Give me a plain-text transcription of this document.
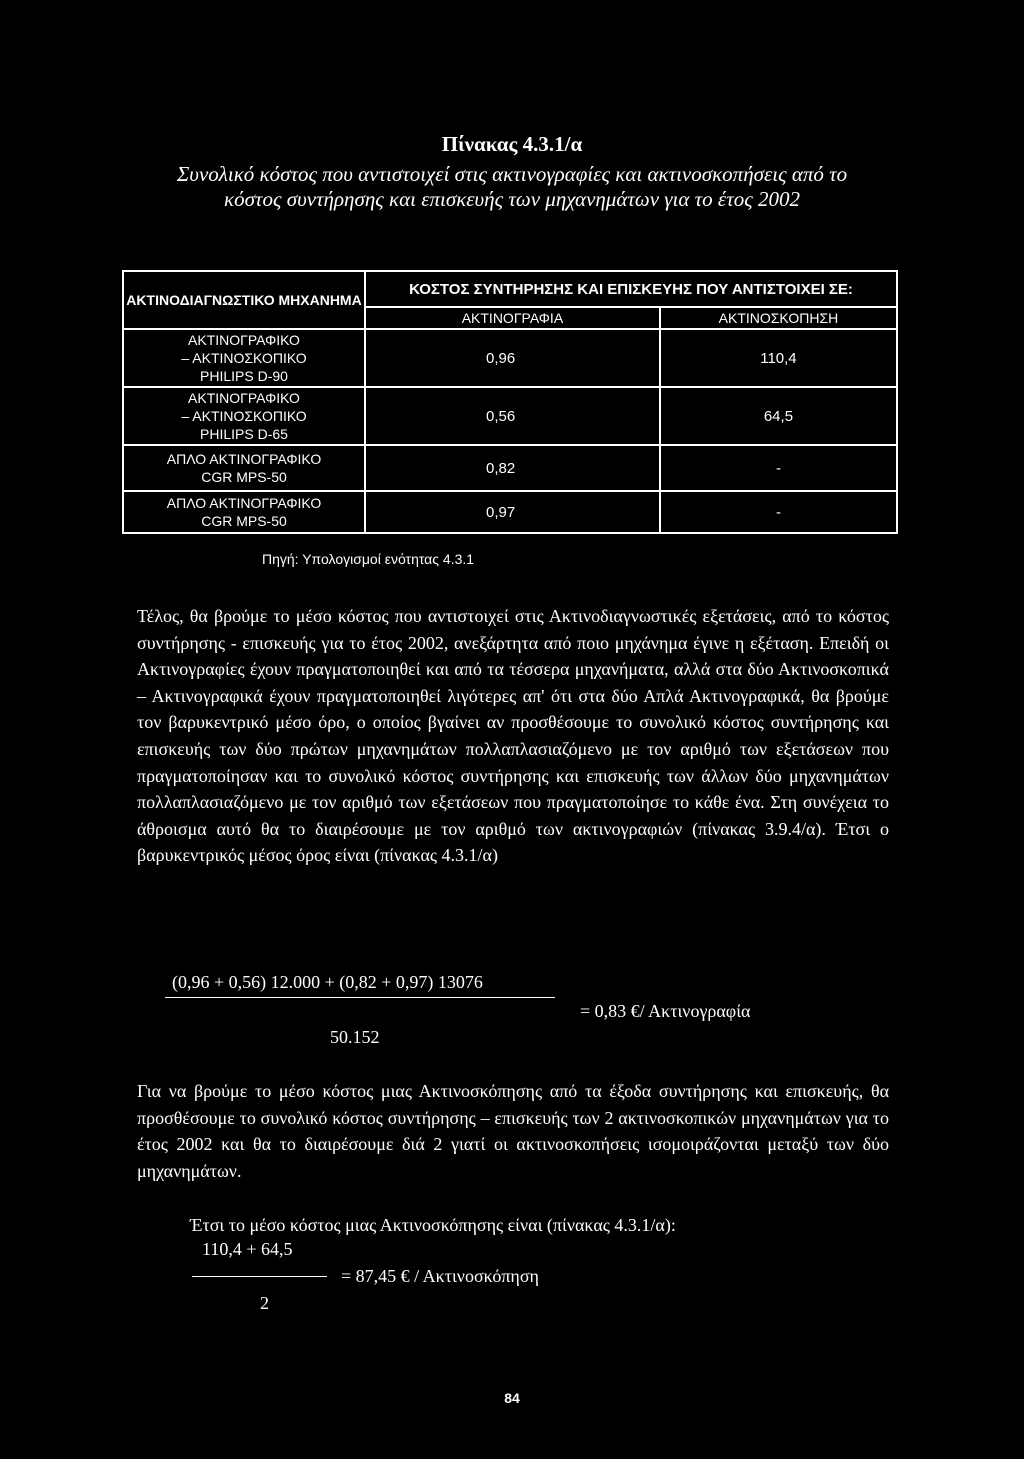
Πίνακας 4.3.1/α
Συνολικό κόστος που αντιστοιχεί στις ακτινογραφίες και ακτινοσκοπήσεις από το κόστος συντήρησης και επισκευής των μηχανημάτων για το έτος 2002
ΑΚΤΙΝΟΔΙΑΓΝΩΣΤΙΚΟ ΜΗΧΑΝΗΜΑ	ΚΟΣΤΟΣ ΣΥΝΤΗΡΗΣΗΣ ΚΑΙ ΕΠΙΣΚΕΥΗΣ ΠΟΥ ΑΝΤΙΣΤΟΙΧΕΙ ΣΕ:	
	ΑΚΤΙΝΟΓΡΑΦΙΑ	ΑΚΤΙΝΟΣΚΟΠΗΣΗ

ΑΚΤΙΝΟΓΡΑΦΙΚΟ
– ΑΚΤΙΝΟΣΚΟΠΙΚΟ
PHILIPS D-90	0,96	110,4

ΑΚΤΙΝΟΓΡΑΦΙΚΟ
– ΑΚΤΙΝΟΣΚΟΠΙΚΟ
PHILIPS D-65	0,56	64,5

ΑΠΛΟ ΑΚΤΙΝΟΓΡΑΦΙΚΟ
CGR MPS-50	0,82	-

ΑΠΛΟ ΑΚΤΙΝΟΓΡΑΦΙΚΟ
CGR MPS-50	0,97	-
Πηγή: Υπολογισμοί ενότητας 4.3.1
Τέλος, θα βρούμε το μέσο κόστος που αντιστοιχεί στις Ακτινοδιαγνωστικές εξετάσεις, από το κόστος συντήρησης - επισκευής για το έτος 2002, ανεξάρτητα από ποιο μηχάνημα έγινε η εξέταση. Επειδή οι Ακτινογραφίες έχουν πραγματοποιηθεί και από τα τέσσερα μηχανήματα, αλλά στα δύο Ακτινοσκοπικά – Ακτινογραφικά έχουν πραγματοποιηθεί λιγότερες απ' ότι στα δύο Απλά Ακτινογραφικά, θα βρούμε τον βαρυκεντρικό μέσο όρο, ο οποίος βγαίνει αν προσθέσουμε το συνολικό κόστος συντήρησης και επισκευής των δύο πρώτων μηχανημάτων πολλαπλασιαζόμενο με τον αριθμό των εξετάσεων που πραγματοποίησαν και το συνολικό κόστος συντήρησης και επισκευής των άλλων δύο μηχανημάτων πολλαπλασιαζόμενο με τον αριθμό των εξετάσεων που πραγματοποίησε το κάθε ένα. Στη συνέχεια το άθροισμα αυτό θα το διαιρέσουμε με τον αριθμό των ακτινογραφιών (πίνακας 3.9.4/α). Έτσι ο βαρυκεντρικός μέσος όρος είναι (πίνακας 4.3.1/α)
(0,96 + 0,56) 12.000 + (0,82 + 0,97) 13076
= 0,83 €/ Ακτινογραφία
50.152
Για να βρούμε το μέσο κόστος μιας Ακτινοσκόπησης από τα έξοδα συντήρησης και επισκευής, θα προσθέσουμε το συνολικό κόστος συντήρησης – επισκευής των 2 ακτινοσκοπικών μηχανημάτων για το έτος 2002 και θα το διαιρέσουμε διά 2 γιατί οι ακτινοσκοπήσεις ισομοιράζονται μεταξύ των δύο μηχανημάτων.
Έτσι το μέσο κόστος μιας Ακτινοσκόπησης είναι (πίνακας 4.3.1/α):
110,4 + 64,5
= 87,45 € / Ακτινοσκόπηση
2
84
